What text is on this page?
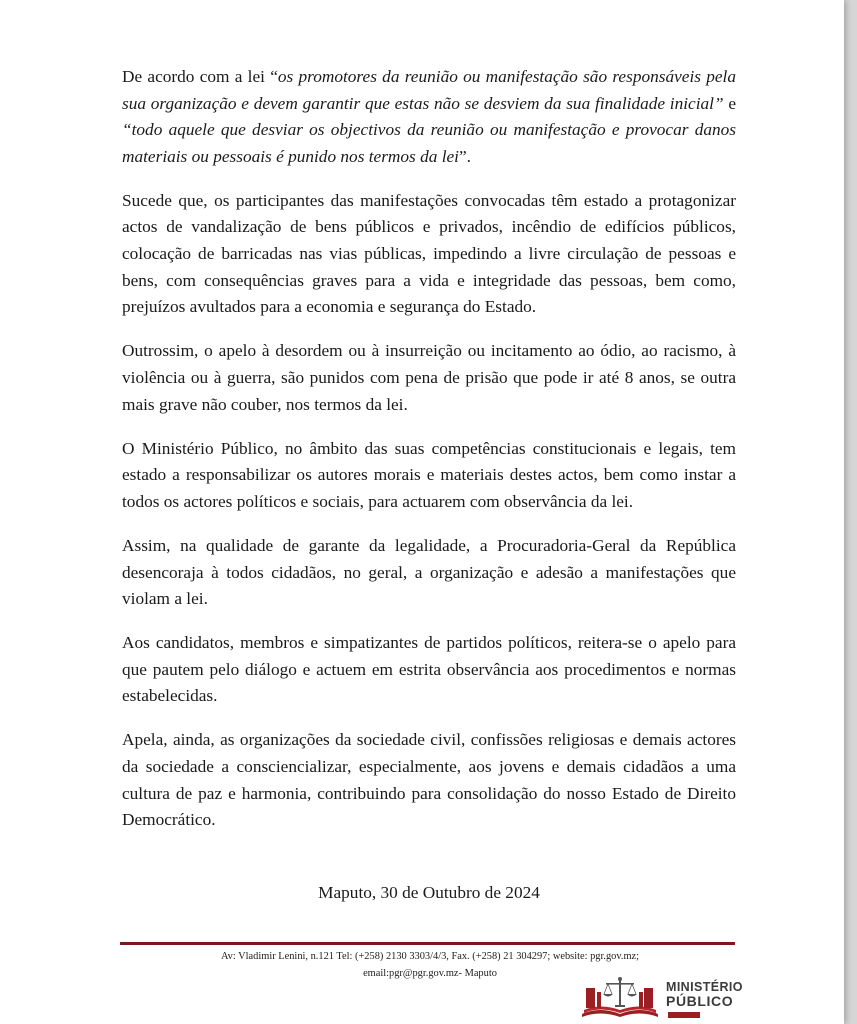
De acordo com a lei “os promotores da reunião ou manifestação são responsáveis pela sua organização e devem garantir que estas não se desviem da sua finalidade inicial” e “todo aquele que desviar os objectivos da reunião ou manifestação e provocar danos materiais ou pessoais é punido nos termos da lei”.

Sucede que, os participantes das manifestações convocadas têm estado a protagonizar actos de vandalização de bens públicos e privados, incêndio de edifícios públicos, colocação de barricadas nas vias públicas, impedindo a livre circulação de pessoas e bens, com consequências graves para a vida e integridade das pessoas, bem como, prejuízos avultados para a economia e segurança do Estado.

Outrossim, o apelo à desordem ou à insurreição ou incitamento ao ódio, ao racismo, à violência ou à guerra, são punidos com pena de prisão que pode ir até 8 anos, se outra mais grave não couber, nos termos da lei.

O Ministério Público, no âmbito das suas competências constitucionais e legais, tem estado a responsabilizar os autores morais e materiais destes actos, bem como instar a todos os actores políticos e sociais, para actuarem com observância da lei.

Assim, na qualidade de garante da legalidade, a Procuradoria-Geral da República desencoraja à todos cidadãos, no geral, a organização e adesão a manifestações que violam a lei.

Aos candidatos, membros e simpatizantes de partidos políticos, reitera-se o apelo para que pautem pelo diálogo e actuem em estrita observância aos procedimentos e normas estabelecidas.

Apela, ainda, as organizações da sociedade civil, confissões religiosas e demais actores da sociedade a consciencializar, especialmente, aos jovens e demais cidadãos a uma cultura de paz e harmonia, contribuindo para consolidação do nosso Estado de Direito Democrático.

Maputo, 30 de Outubro de 2024
Av: Vladimir Lenini, n.121 Tel: (+258) 2130 3303/4/3, Fax. (+258) 21 304297; website: pgr.gov.mz;
email:pgr@pgr.gov.mz- Maputo
MINISTÉRIO
PÚBLICO
